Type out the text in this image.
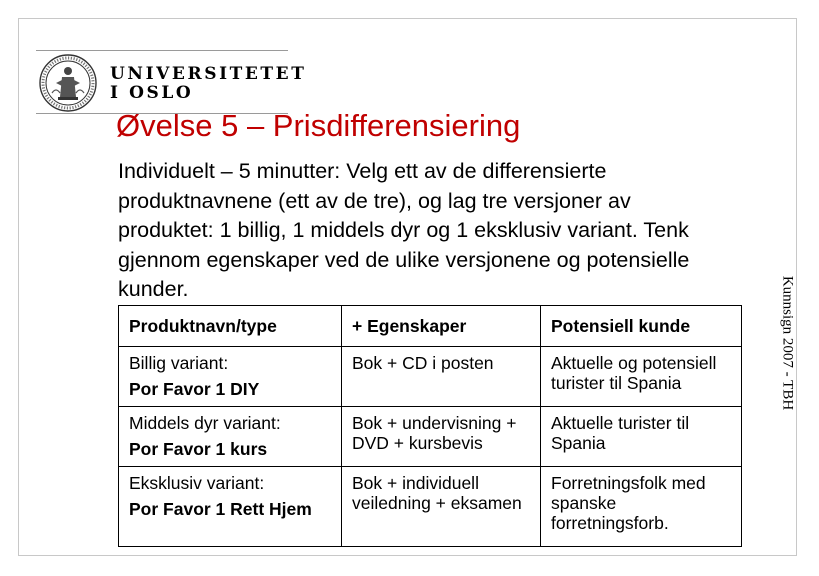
UNIVERSITETET
I OSLO
Øvelse 5 – Prisdifferensiering
Individuelt – 5 minutter: Velg ett av de differensierte produktnavnene (ett av de tre), og lag tre versjoner av produktet: 1 billig, 1 middels dyr og 1 eksklusiv variant. Tenk gjennom egenskaper ved de ulike versjonene og potensielle kunder.	Kunnsign 2007 - TBH
Produktnavn/type	+ Egenskaper	Potensiell kunde
Billig variant:
Por Favor 1 DIY	Bok + CD i posten	Aktuelle og potensiell turister til Spania
Middels dyr variant:
Por Favor 1 kurs	Bok + undervisning + DVD + kursbevis	Aktuelle turister til Spania
Eksklusiv variant:
Por Favor 1 Rett Hjem	Bok + individuell veiledning + eksamen	Forretningsfolk med spanske forretningsforb.
